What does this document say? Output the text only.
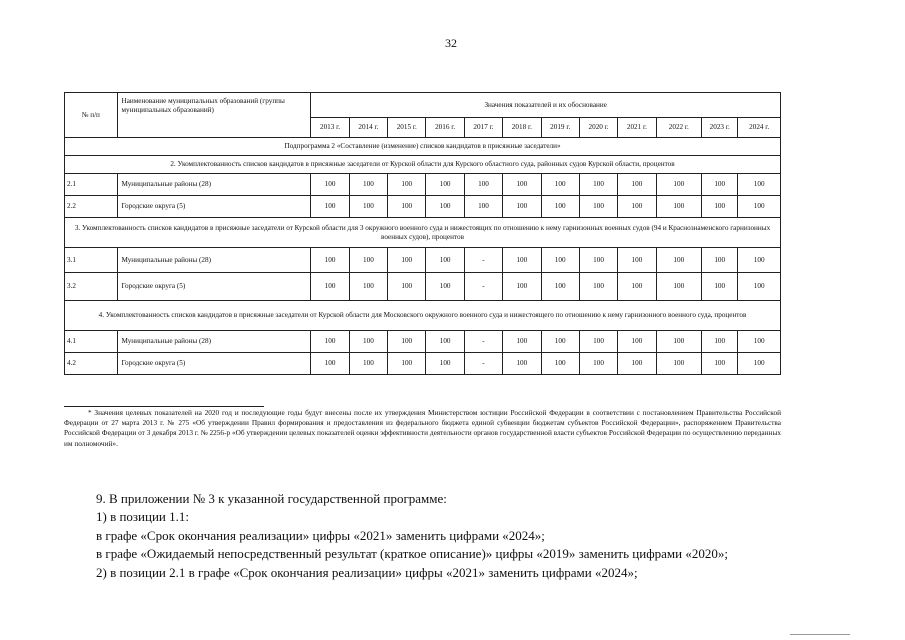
32
№ п/п	Наименование муниципальных образований (группы муниципальных образований)	Значения показателей и их обоснование											
		2013 г.	2014 г.	2015 г.	2016 г.	2017 г.	2018 г.	2019 г.	2020 г.	2021 г.	2022 г.	2023 г.	2024 г.
Подпрограмма 2 «Составление (изменение) списков кандидатов в присяжные заседатели»													
2. Укомплектованность списков кандидатов в присяжные заседатели от Курской области для Курского областного суда, районных судов Курской области, процентов													
2.1	Муниципальные районы (28)	100	100	100	100	100	100	100	100	100	100	100	100
2.2	Городские округа (5)	100	100	100	100	100	100	100	100	100	100	100	100
3. Укомплектованность списков кандидатов в присяжные заседатели от Курской области для 3 окружного военного суда и нижестоящих по отношению к нему гарнизонных военных судов (94 и Краснознаменского гарнизонных военных судов), процентов													
3.1	Муниципальные районы (28)	100	100	100	100	-	100	100	100	100	100	100	100
3.2	Городские округа (5)	100	100	100	100	-	100	100	100	100	100	100	100
4. Укомплектованность списков кандидатов в присяжные заседатели от Курской области для Московского окружного военного суда и нижестоящего по отношению к нему гарнизонного военного суда, процентов													
4.1	Муниципальные районы (28)	100	100	100	100	-	100	100	100	100	100	100	100
4.2	Городские округа (5)	100	100	100	100	-	100	100	100	100	100	100	100
* Значения целевых показателей на 2020 год и последующие годы будут внесены после их утверждения Министерством юстиции Российской Федерации в соответствии с постановлением Правительства Российской Федерации от 27 марта 2013 г. № 275 «Об утверждении Правил формирования и предоставления из федерального бюджета единой субвенции бюджетам субъектов Российской Федерации», распоряжением Правительства Российской Федерации от 3 декабря 2013 г. № 2256-р «Об утверждении целевых показателей оценки эффективности деятельности органов государственной власти субъектов Российской Федерации по осуществлению переданных им полномочий».
9. В приложении № 3 к указанной государственной программе:
1) в позиции 1.1:
в графе «Срок окончания реализации» цифры «2021» заменить цифрами «2024»;
в графе «Ожидаемый непосредственный результат (краткое описание)» цифры «2019» заменить цифрами «2020»;
2) в позиции 2.1 в графе «Срок окончания реализации» цифры «2021» заменить цифрами «2024»;
